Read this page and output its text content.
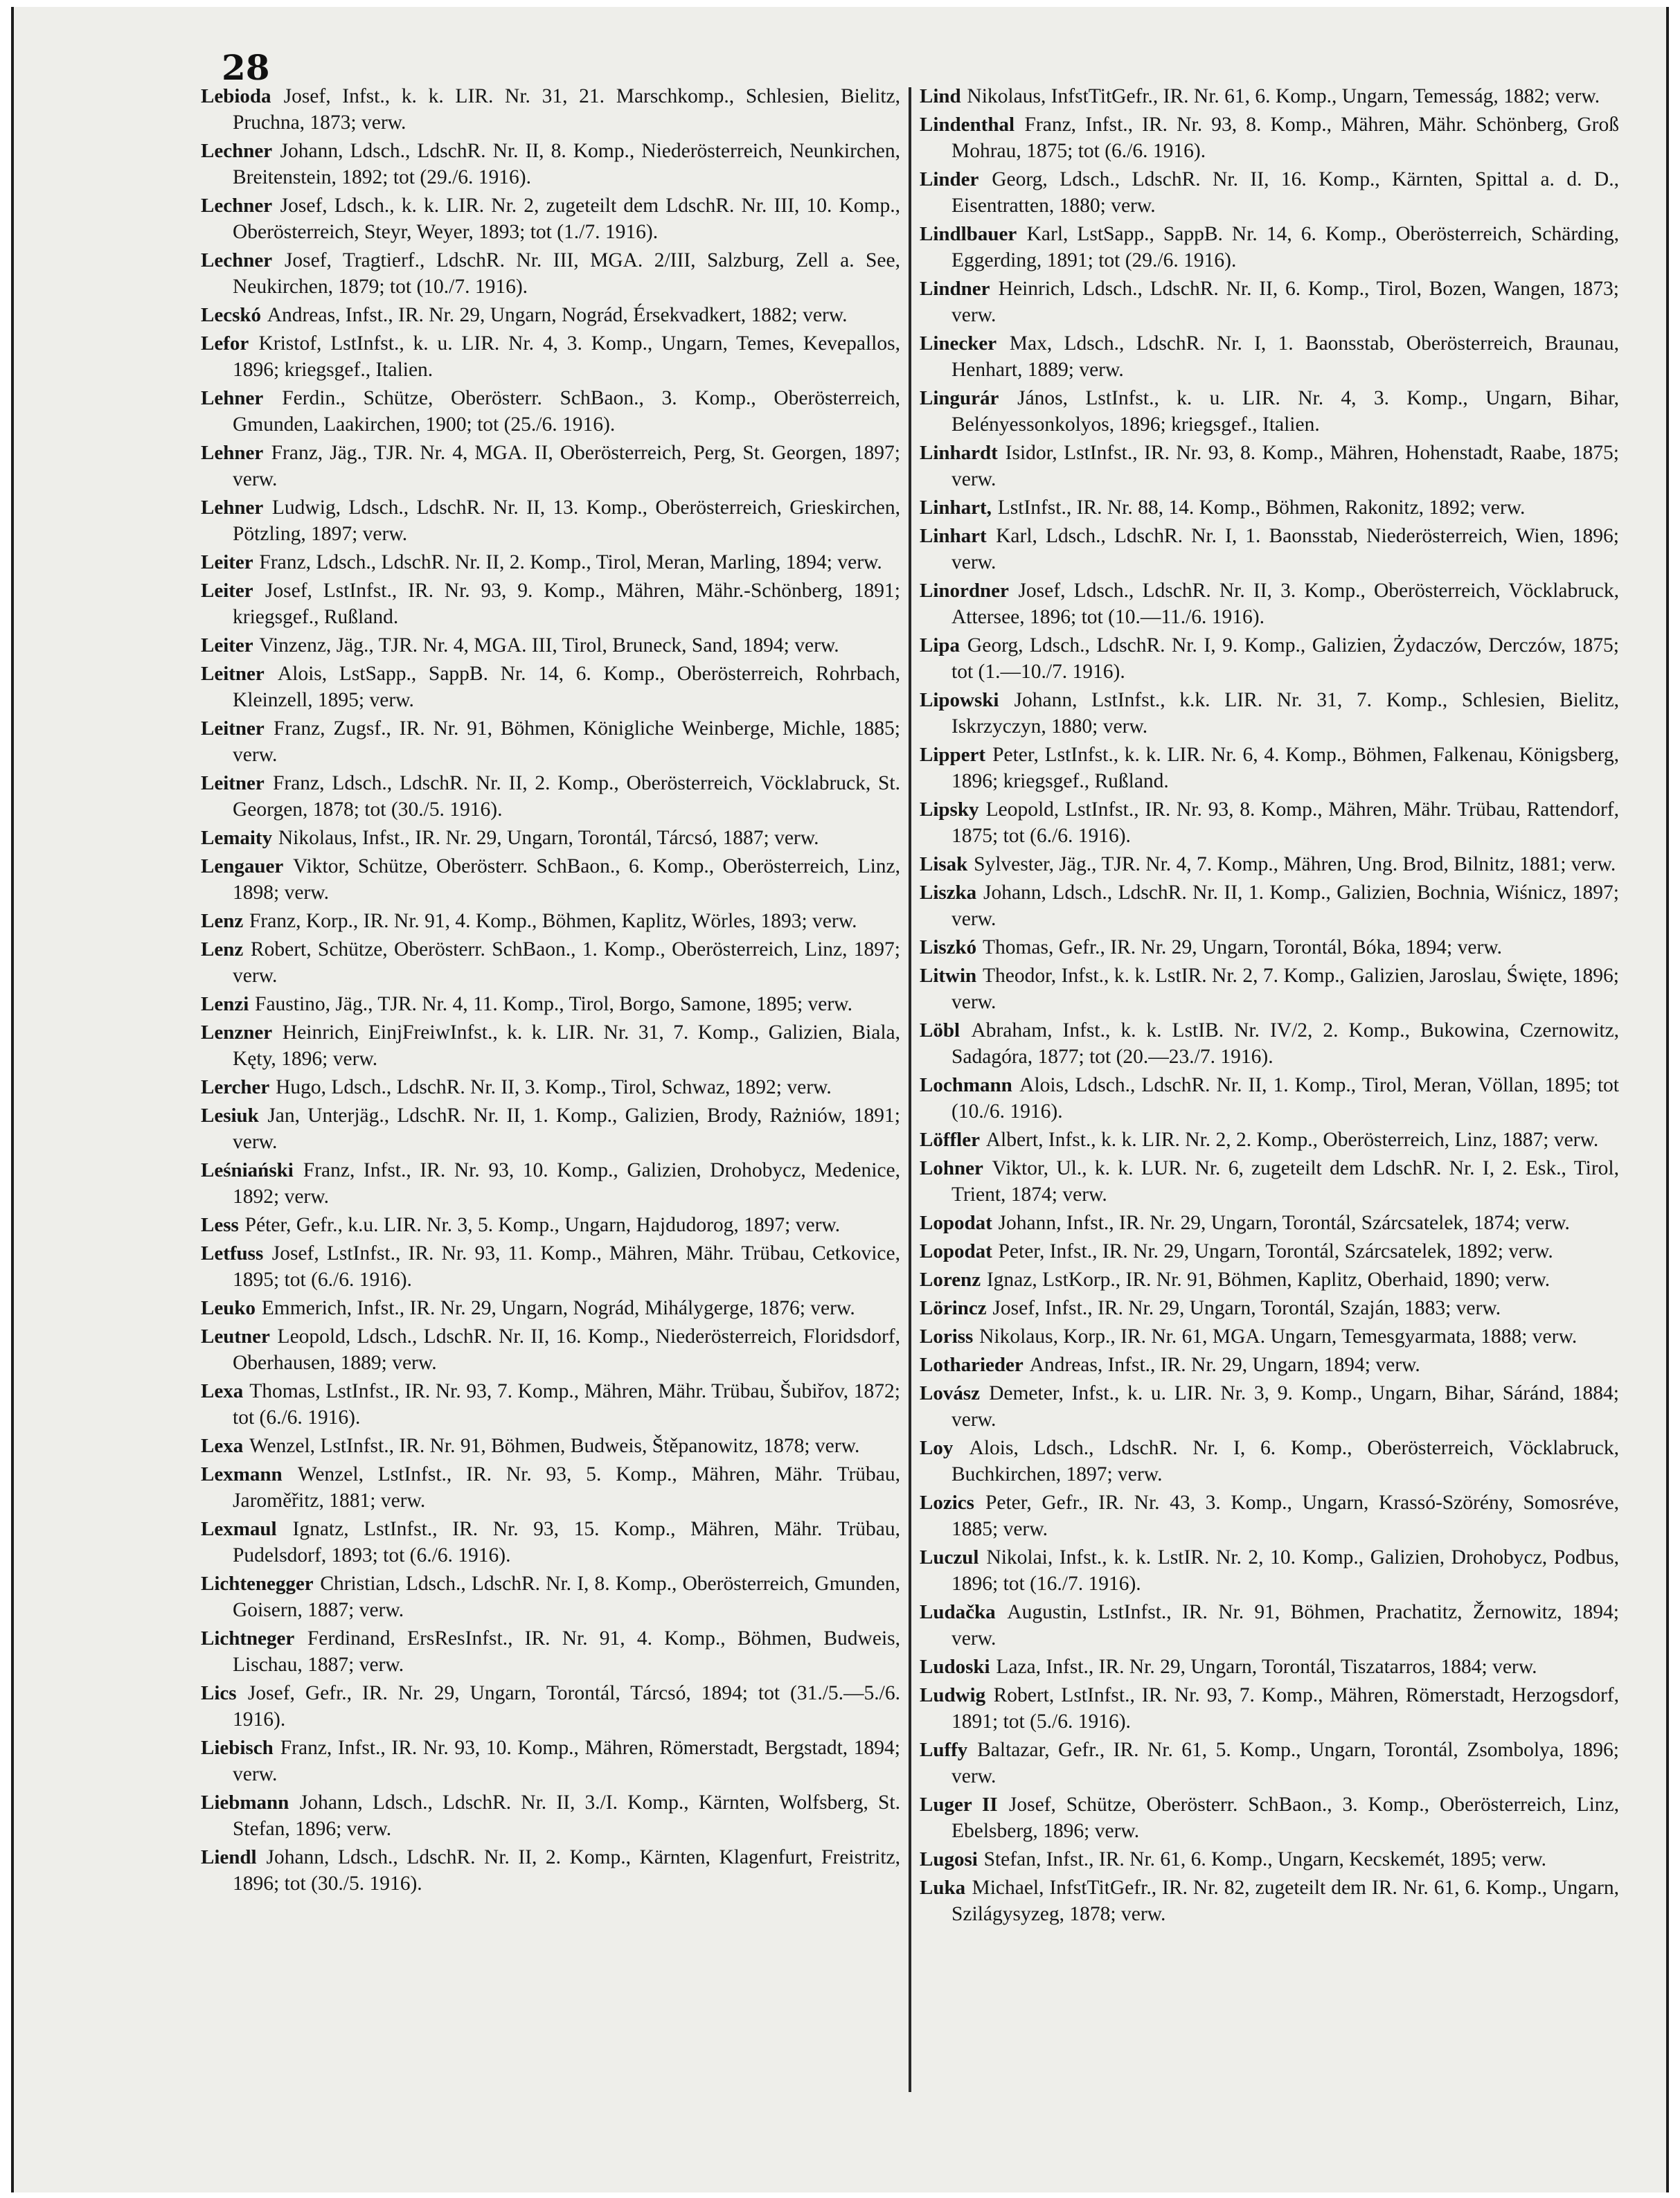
28

Lebioda Josef, Infst., k. k. LIR. Nr. 31, 21. Marschkomp., Schlesien, Bielitz, Pruchna, 1873; verw.

Lechner Johann, Ldsch., LdschR. Nr. II, 8. Komp., Niederösterreich, Neunkirchen, Breitenstein, 1892; tot (29./6. 1916).

Lechner Josef, Ldsch., k. k. LIR. Nr. 2, zugeteilt dem LdschR. Nr. III, 10. Komp., Oberösterreich, Steyr, Weyer, 1893; tot (1./7. 1916).

Lechner Josef, Tragtierf., LdschR. Nr. III, MGA. 2/III, Salzburg, Zell a. See, Neukirchen, 1879; tot (10./7. 1916).

Lecskó Andreas, Infst., IR. Nr. 29, Ungarn, Nográd, Érsekvadkert, 1882; verw.

Lefor Kristof, LstInfst., k. u. LIR. Nr. 4, 3. Komp., Ungarn, Temes, Kevepallos, 1896; kriegsgef., Italien.

Lehner Ferdin., Schütze, Oberösterr. SchBaon., 3. Komp., Oberösterreich, Gmunden, Laakirchen, 1900; tot (25./6. 1916).

Lehner Franz, Jäg., TJR. Nr. 4, MGA. II, Oberösterreich, Perg, St. Georgen, 1897; verw.

Lehner Ludwig, Ldsch., LdschR. Nr. II, 13. Komp., Oberösterreich, Grieskirchen, Pötzling, 1897; verw.

Leiter Franz, Ldsch., LdschR. Nr. II, 2. Komp., Tirol, Meran, Marling, 1894; verw.

Leiter Josef, LstInfst., IR. Nr. 93, 9. Komp., Mähren, Mähr.-Schönberg, 1891; kriegsgef., Rußland.

Leiter Vinzenz, Jäg., TJR. Nr. 4, MGA. III, Tirol, Bruneck, Sand, 1894; verw.

Leitner Alois, LstSapp., SappB. Nr. 14, 6. Komp., Oberösterreich, Rohrbach, Kleinzell, 1895; verw.

Leitner Franz, Zugsf., IR. Nr. 91, Böhmen, Königliche Weinberge, Michle, 1885; verw.

Leitner Franz, Ldsch., LdschR. Nr. II, 2. Komp., Oberösterreich, Vöcklabruck, St. Georgen, 1878; tot (30./5. 1916).

Lemaity Nikolaus, Infst., IR. Nr. 29, Ungarn, Torontál, Tárcsó, 1887; verw.

Lengauer Viktor, Schütze, Oberösterr. SchBaon., 6. Komp., Oberösterreich, Linz, 1898; verw.

Lenz Franz, Korp., IR. Nr. 91, 4. Komp., Böhmen, Kaplitz, Wörles, 1893; verw.

Lenz Robert, Schütze, Oberösterr. SchBaon., 1. Komp., Oberösterreich, Linz, 1897; verw.

Lenzi Faustino, Jäg., TJR. Nr. 4, 11. Komp., Tirol, Borgo, Samone, 1895; verw.

Lenzner Heinrich, EinjFreiwInfst., k. k. LIR. Nr. 31, 7. Komp., Galizien, Biala, Kęty, 1896; verw.

Lercher Hugo, Ldsch., LdschR. Nr. II, 3. Komp., Tirol, Schwaz, 1892; verw.

Lesiuk Jan, Unterjäg., LdschR. Nr. II, 1. Komp., Galizien, Brody, Rażniów, 1891; verw.

Leśniański Franz, Infst., IR. Nr. 93, 10. Komp., Galizien, Drohobycz, Medenice, 1892; verw.

Less Péter, Gefr., k.u. LIR. Nr. 3, 5. Komp., Ungarn, Hajdudorog, 1897; verw.

Letfuss Josef, LstInfst., IR. Nr. 93, 11. Komp., Mähren, Mähr. Trübau, Cetkovice, 1895; tot (6./6. 1916).

Leuko Emmerich, Infst., IR. Nr. 29, Ungarn, Nográd, Mihálygerge, 1876; verw.

Leutner Leopold, Ldsch., LdschR. Nr. II, 16. Komp., Niederösterreich, Floridsdorf, Oberhausen, 1889; verw.

Lexa Thomas, LstInfst., IR. Nr. 93, 7. Komp., Mähren, Mähr. Trübau, Šubiřov, 1872; tot (6./6. 1916).

Lexa Wenzel, LstInfst., IR. Nr. 91, Böhmen, Budweis, Štěpanowitz, 1878; verw.

Lexmann Wenzel, LstInfst., IR. Nr. 93, 5. Komp., Mähren, Mähr. Trübau, Jaroměřitz, 1881; verw.

Lexmaul Ignatz, LstInfst., IR. Nr. 93, 15. Komp., Mähren, Mähr. Trübau, Pudelsdorf, 1893; tot (6./6. 1916).

Lichtenegger Christian, Ldsch., LdschR. Nr. I, 8. Komp., Oberösterreich, Gmunden, Goisern, 1887; verw.

Lichtneger Ferdinand, ErsResInfst., IR. Nr. 91, 4. Komp., Böhmen, Budweis, Lischau, 1887; verw.

Lics Josef, Gefr., IR. Nr. 29, Ungarn, Torontál, Tárcsó, 1894; tot (31./5.—5./6. 1916).

Liebisch Franz, Infst., IR. Nr. 93, 10. Komp., Mähren, Römerstadt, Bergstadt, 1894; verw.

Liebmann Johann, Ldsch., LdschR. Nr. II, 3./I. Komp., Kärnten, Wolfsberg, St. Stefan, 1896; verw.

Liendl Johann, Ldsch., LdschR. Nr. II, 2. Komp., Kärnten, Klagenfurt, Freistritz, 1896; tot (30./5. 1916).

Lind Nikolaus, InfstTitGefr., IR. Nr. 61, 6. Komp., Ungarn, Temesság, 1882; verw.

Lindenthal Franz, Infst., IR. Nr. 93, 8. Komp., Mähren, Mähr. Schönberg, Groß Mohrau, 1875; tot (6./6. 1916).

Linder Georg, Ldsch., LdschR. Nr. II, 16. Komp., Kärnten, Spittal a. d. D., Eisentratten, 1880; verw.

Lindlbauer Karl, LstSapp., SappB. Nr. 14, 6. Komp., Oberösterreich, Schärding, Eggerding, 1891; tot (29./6. 1916).

Lindner Heinrich, Ldsch., LdschR. Nr. II, 6. Komp., Tirol, Bozen, Wangen, 1873; verw.

Linecker Max, Ldsch., LdschR. Nr. I, 1. Baonsstab, Oberösterreich, Braunau, Henhart, 1889; verw.

Lingurár János, LstInfst., k. u. LIR. Nr. 4, 3. Komp., Ungarn, Bihar, Belényessonkolyos, 1896; kriegsgef., Italien.

Linhardt Isidor, LstInfst., IR. Nr. 93, 8. Komp., Mähren, Hohenstadt, Raabe, 1875; verw.

Linhart, LstInfst., IR. Nr. 88, 14. Komp., Böhmen, Rakonitz, 1892; verw.

Linhart Karl, Ldsch., LdschR. Nr. I, 1. Baonsstab, Niederösterreich, Wien, 1896; verw.

Linordner Josef, Ldsch., LdschR. Nr. II, 3. Komp., Oberösterreich, Vöcklabruck, Attersee, 1896; tot (10.—11./6. 1916).

Lipa Georg, Ldsch., LdschR. Nr. I, 9. Komp., Galizien, Żydaczów, Derczów, 1875; tot (1.—10./7. 1916).

Lipowski Johann, LstInfst., k.k. LIR. Nr. 31, 7. Komp., Schlesien, Bielitz, Iskrzyczyn, 1880; verw.

Lippert Peter, LstInfst., k. k. LIR. Nr. 6, 4. Komp., Böhmen, Falkenau, Königsberg, 1896; kriegsgef., Rußland.

Lipsky Leopold, LstInfst., IR. Nr. 93, 8. Komp., Mähren, Mähr. Trübau, Rattendorf, 1875; tot (6./6. 1916).

Lisak Sylvester, Jäg., TJR. Nr. 4, 7. Komp., Mähren, Ung. Brod, Bilnitz, 1881; verw.

Liszka Johann, Ldsch., LdschR. Nr. II, 1. Komp., Galizien, Bochnia, Wiśnicz, 1897; verw.

Liszkó Thomas, Gefr., IR. Nr. 29, Ungarn, Torontál, Bóka, 1894; verw.

Litwin Theodor, Infst., k. k. LstIR. Nr. 2, 7. Komp., Galizien, Jaroslau, Święte, 1896; verw.

Löbl Abraham, Infst., k. k. LstIB. Nr. IV/2, 2. Komp., Bukowina, Czernowitz, Sadagóra, 1877; tot (20.—23./7. 1916).

Lochmann Alois, Ldsch., LdschR. Nr. II, 1. Komp., Tirol, Meran, Völlan, 1895; tot (10./6. 1916).

Löffler Albert, Infst., k. k. LIR. Nr. 2, 2. Komp., Oberösterreich, Linz, 1887; verw.

Lohner Viktor, Ul., k. k. LUR. Nr. 6, zugeteilt dem LdschR. Nr. I, 2. Esk., Tirol, Trient, 1874; verw.

Lopodat Johann, Infst., IR. Nr. 29, Ungarn, Torontál, Szárcsatelek, 1874; verw.

Lopodat Peter, Infst., IR. Nr. 29, Ungarn, Torontál, Szárcsatelek, 1892; verw.

Lorenz Ignaz, LstKorp., IR. Nr. 91, Böhmen, Kaplitz, Oberhaid, 1890; verw.

Lörincz Josef, Infst., IR. Nr. 29, Ungarn, Torontál, Szaján, 1883; verw.

Loriss Nikolaus, Korp., IR. Nr. 61, MGA. Ungarn, Temesgyarmata, 1888; verw.

Lotharieder Andreas, Infst., IR. Nr. 29, Ungarn, 1894; verw.

Lovász Demeter, Infst., k. u. LIR. Nr. 3, 9. Komp., Ungarn, Bihar, Sáránd, 1884; verw.

Loy Alois, Ldsch., LdschR. Nr. I, 6. Komp., Oberösterreich, Vöcklabruck, Buchkirchen, 1897; verw.

Lozics Peter, Gefr., IR. Nr. 43, 3. Komp., Ungarn, Krassó-Szörény, Somosréve, 1885; verw.

Luczul Nikolai, Infst., k. k. LstIR. Nr. 2, 10. Komp., Galizien, Drohobycz, Podbus, 1896; tot (16./7. 1916).

Ludačka Augustin, LstInfst., IR. Nr. 91, Böhmen, Prachatitz, Žernowitz, 1894; verw.

Ludoski Laza, Infst., IR. Nr. 29, Ungarn, Torontál, Tiszatarros, 1884; verw.

Ludwig Robert, LstInfst., IR. Nr. 93, 7. Komp., Mähren, Römerstadt, Herzogsdorf, 1891; tot (5./6. 1916).

Luffy Baltazar, Gefr., IR. Nr. 61, 5. Komp., Ungarn, Torontál, Zsombolya, 1896; verw.

Luger II Josef, Schütze, Oberösterr. SchBaon., 3. Komp., Oberösterreich, Linz, Ebelsberg, 1896; verw.

Lugosi Stefan, Infst., IR. Nr. 61, 6. Komp., Ungarn, Kecskemét, 1895; verw.

Luka Michael, InfstTitGefr., IR. Nr. 82, zugeteilt dem IR. Nr. 61, 6. Komp., Ungarn, Szilágysyzeg, 1878; verw.
